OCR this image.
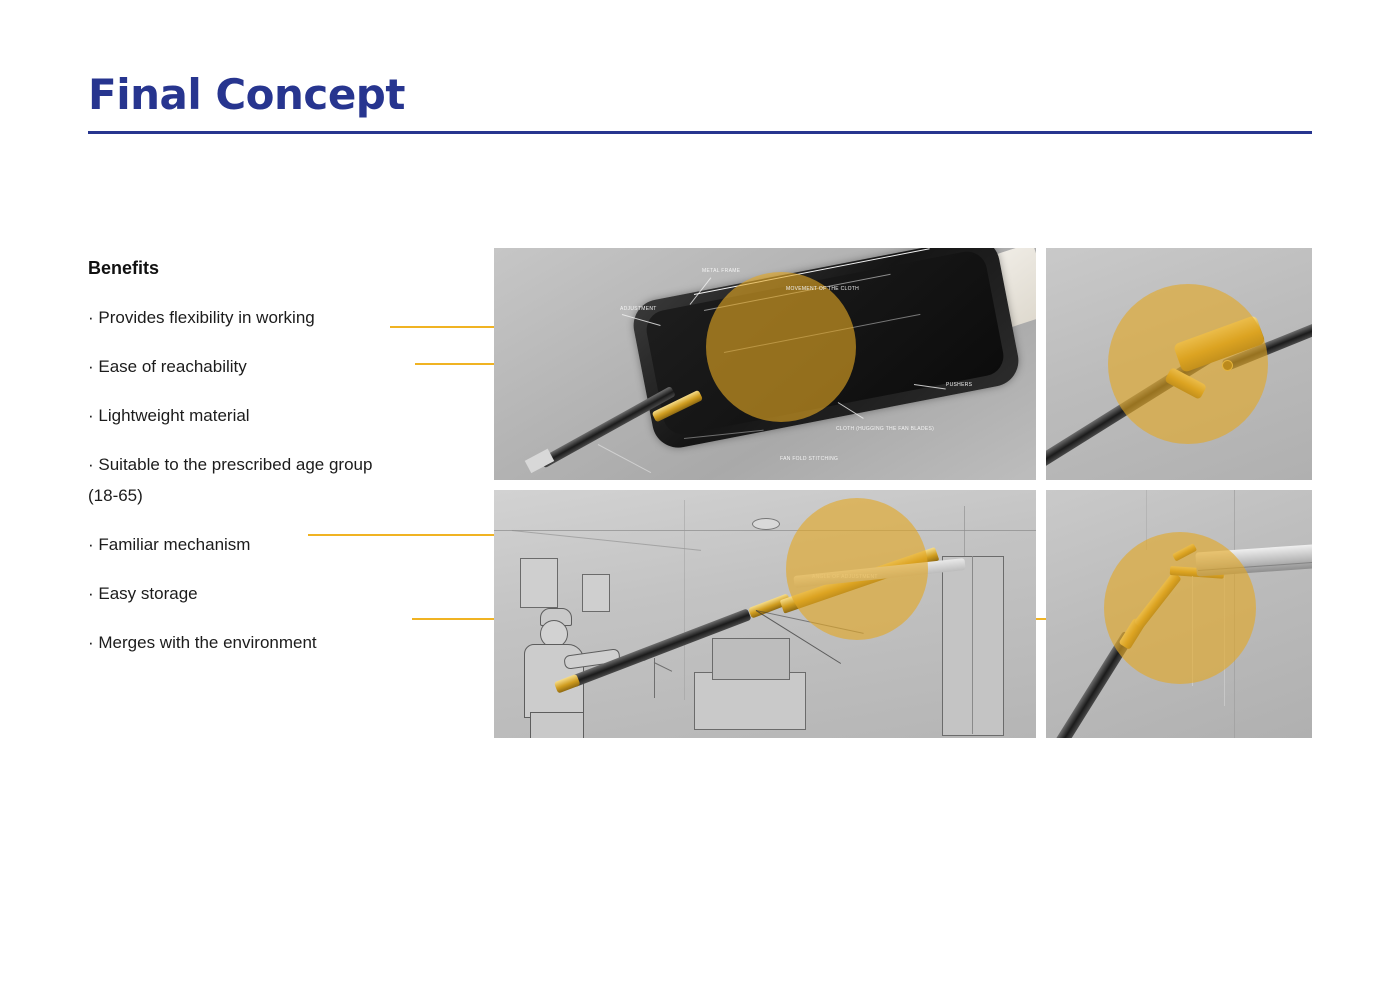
Final Concept
Benefits
· Provides flexibility in working
· Ease of reachability
· Lightweight material
· Suitable to the prescribed age group
(18-65)
· Familiar mechanism
· Easy storage
· Merges with the environment
METAL FRAME
ADJUSTMENT
MOVEMENT OF THE CLOTH
PUSHERS
CLOTH (HUGGING THE FAN BLADES)
FAN FOLD STITCHING
